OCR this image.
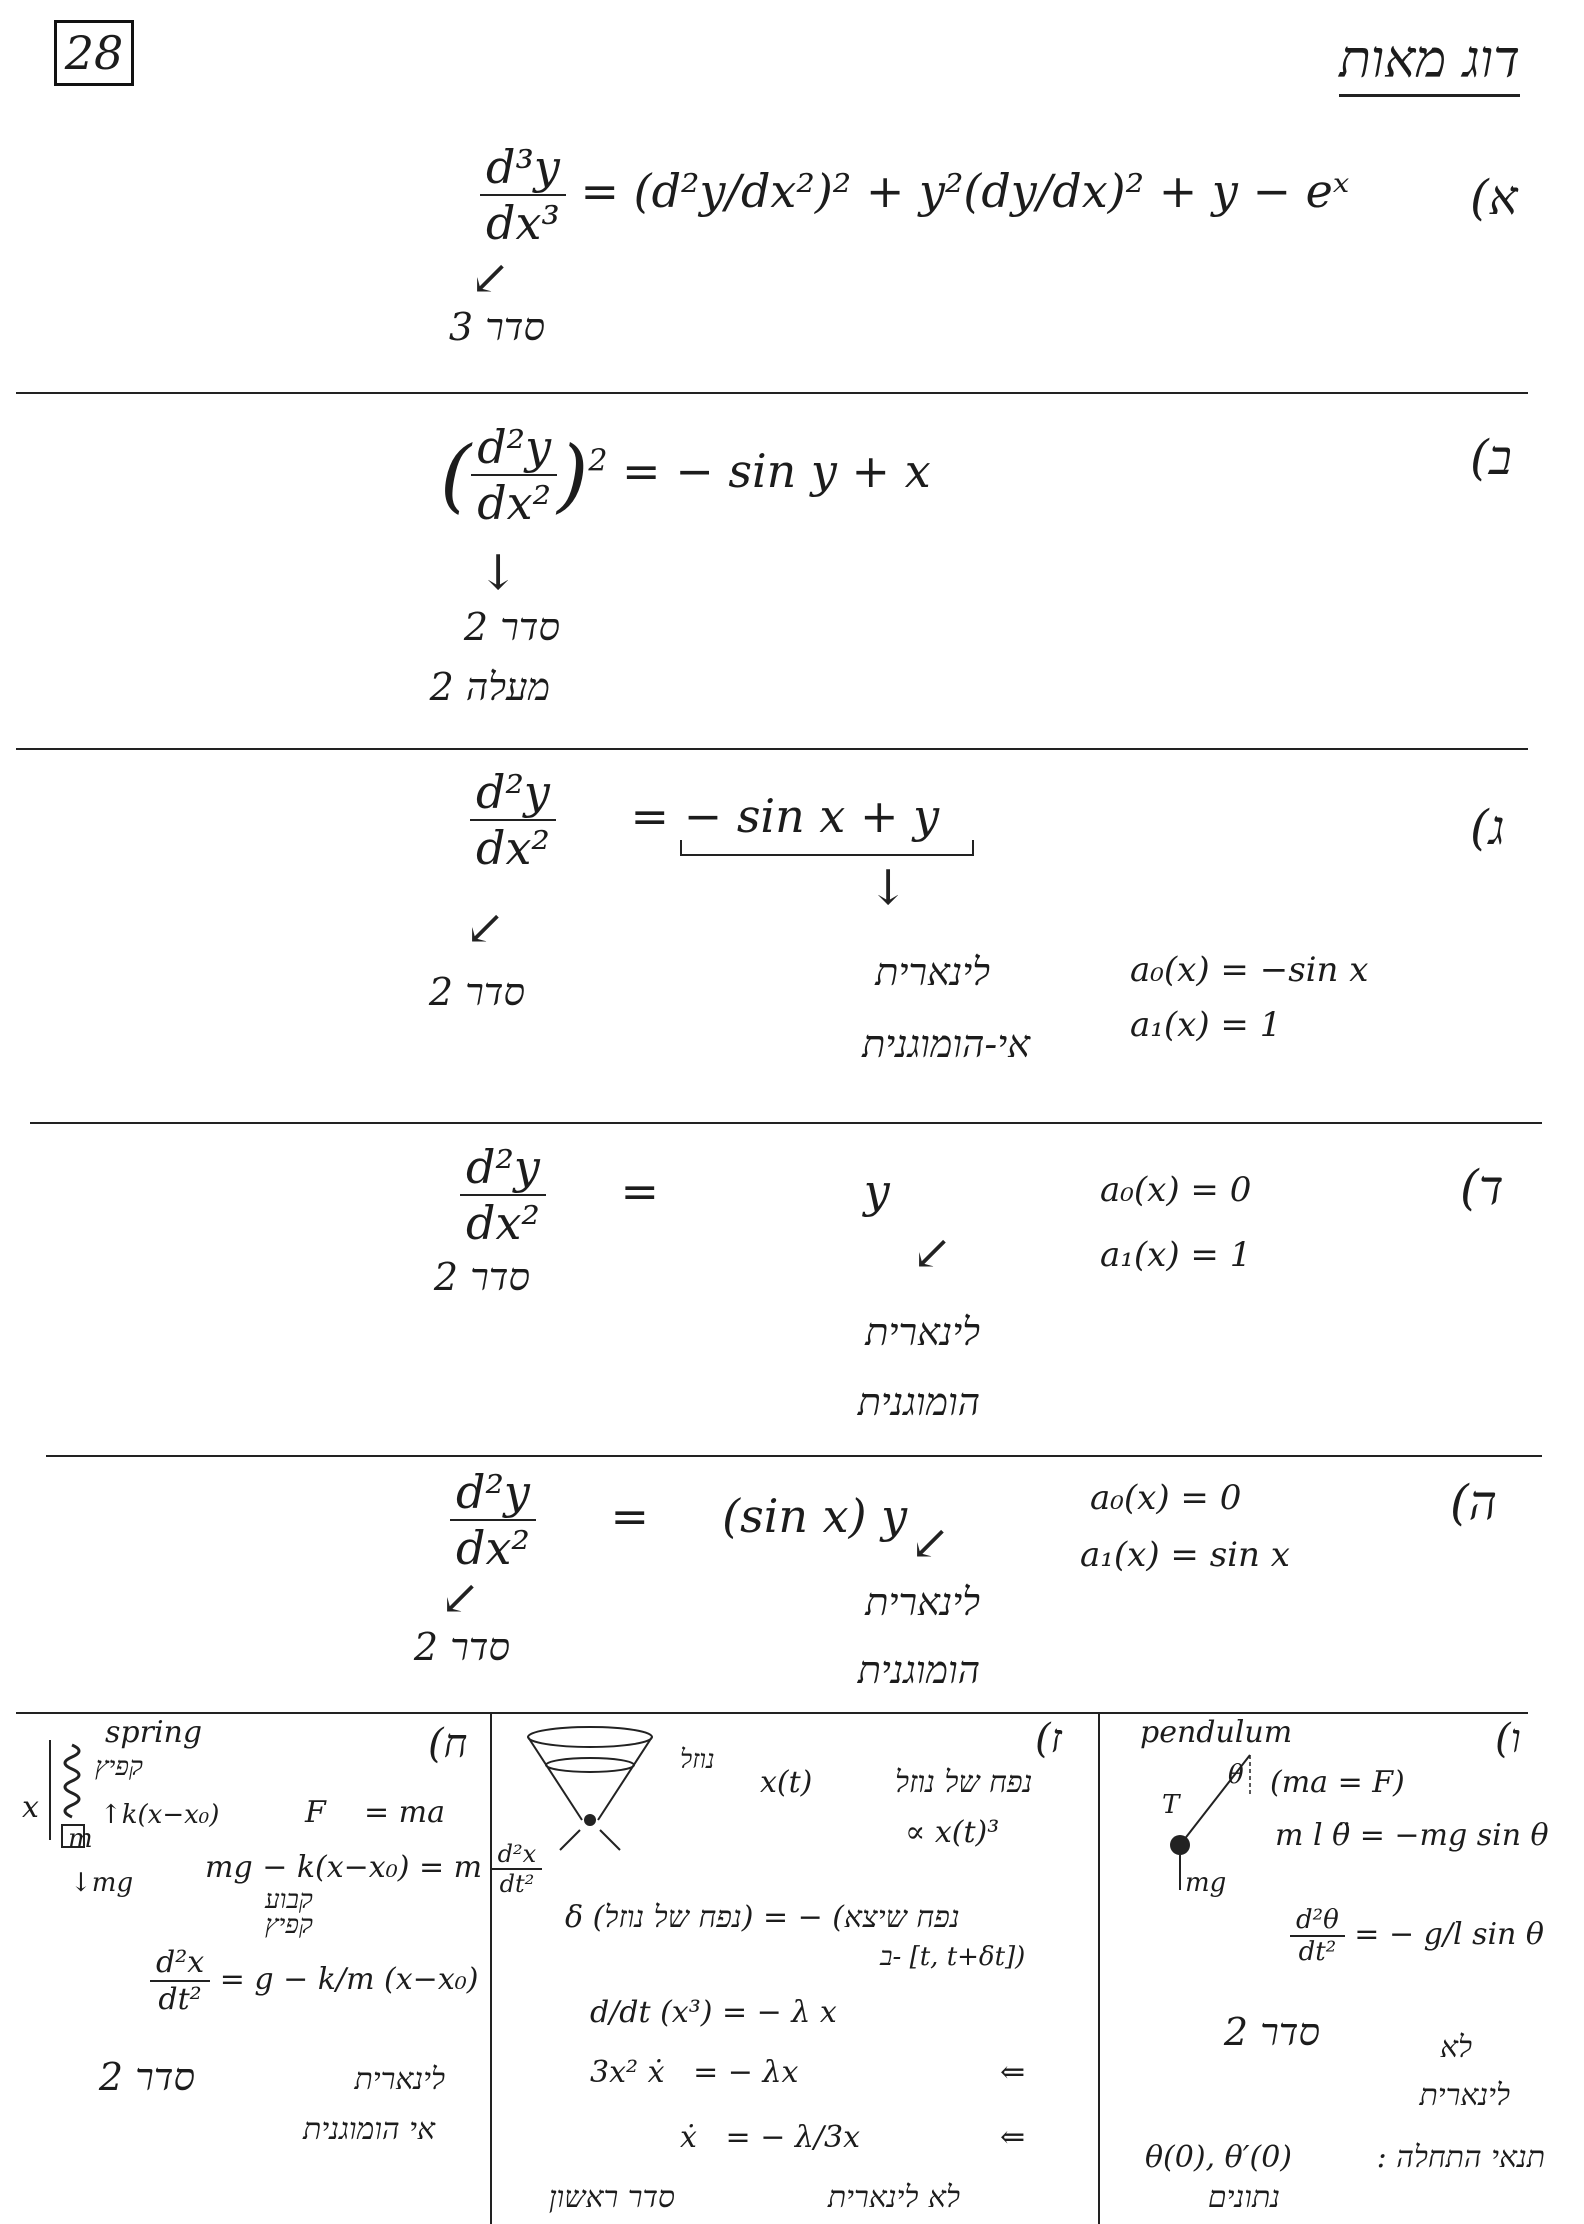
28	דוג מאות
(א
$\frac{\text{d³y}}{\text{dx³}} = (d^2y/dx^2)^2 + y^2(dy/dx)^2 + y$ − eˣ
↙
סדר 3
(ב
( $\frac{\text{d²y}}{\text{dx²}} )^2$ = − sin y + x
↓
סדר 2
מעלה 2
(ג
$\frac{\text{d²y}}{\text{dx²}}$ = − sin x + y
↓
↙
סדר 2	לינארית
אי-הומוגנית
a₀(x) = −sin x
a₁(x) = 1
(ד
$\frac{\text{d²y}}{\text{dx²}}$ =              y
סדר 2	↙
לינארית
הומוגנית
a₀(x) = 0
a₁(x) = 1
(ה
$\frac{\text{d²y}}{\text{dx²}}$ =     (sin x) y
↙
↙
סדר 2
לינארית
הומוגנית
a₀(x) = 0
a₁(x) = sin x
(ח
spring
קפיץ
x
m
↑k(x−x₀)
↓mg
F    = ma
mg − k(x−x₀) = m $\frac{\text{d²x}}{\text{dt²}}$
קבוע
קפיץ
$\frac{\text{d²x}}{\text{dt²}} = g - k/m$ (x−x₀)
סדר 2	לינארית
אי הומוגנית
(ז
נוזל
x(t)	נפח של נוזל
∝ x(t)³
δ (נפח של נוזל) = − (נפח שיצא
ב- [t, t+δt])
d/dt (x³) = − λ x
3x² ẋ   = − λx	⇐
ẋ   = − λ/3x	⇐
סדר ראשון	לא לינארית
(ו
pendulum
T
θ
mg
(ma = F)
m l θ̈ = −mg sin θ
$\frac{\text{d²θ}}{\text{dt²}}$ = − g/l sin θ
סדר 2	לא
לינארית
θ(0), θ′(0)	תנאי התחלה :
נתונים
